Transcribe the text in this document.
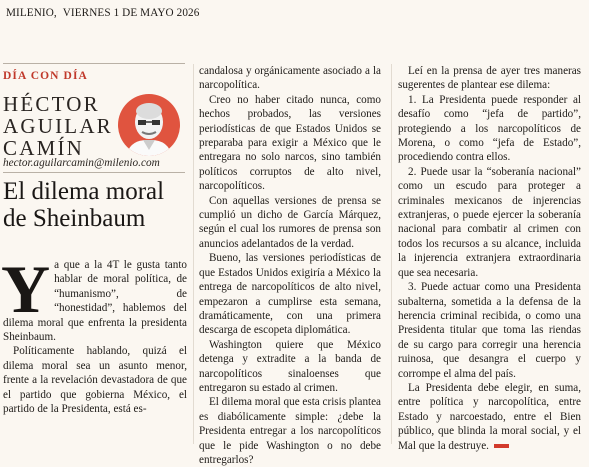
MILENIO, VIERNES 1 DE MAYO 2026
DÍA CON DÍA
HÉCTOR
AGUILAR
CAMÍN
hector.aguilarcamin@milenio.com
El dilema moral de Sheinbaum

Ya que a la 4T le gusta tanto hablar de moral política, de “humanismo”, de “honestidad”, hablemos del dilema moral que enfrenta la presidenta Sheinbaum.

Políticamente hablando, quizá el dilema moral sea un asunto menor, frente a la revelación devastadora de que el partido que gobierna México, el partido de la Presidenta, está es-

candalosa y orgánicamente asociado a la narcopolítica.

Creo no haber citado nunca, como hechos probados, las versiones periodísticas de que Estados Unidos se preparaba para exigir a México que le entregara no solo narcos, sino también políticos corruptos de alto nivel, narcopolíticos.

Con aquellas versiones de prensa se cumplió un dicho de García Márquez, según el cual los rumores de prensa son anuncios adelantados de la verdad.

Bueno, las versiones periodísticas de que Estados Unidos exigiría a México la entrega de narcopolíticos de alto nivel, empezaron a cumplirse esta semana, dramáticamente, con una primera descarga de escopeta diplomática.

Washington quiere que México detenga y extradite a la banda de narcopolíticos sinaloenses que entregaron su estado al crimen.

El dilema moral que esta crisis plantea es diabólicamente simple: ¿debe la Presidenta entregar a los narcopolíticos que le pide Washington o no debe entregarlos?

Leí en la prensa de ayer tres maneras sugerentes de plantear ese dilema:

1. La Presidenta puede responder al desafío como “jefa de partido”, protegiendo a los narcopolíticos de Morena, o como “jefa de Estado”, procediendo contra ellos.

2. Puede usar la “soberanía nacional” como un escudo para proteger a criminales mexicanos de injerencias extranjeras, o puede ejercer la soberanía nacional para combatir al crimen con todos los recursos a su alcance, incluida la injerencia extranjera extraordinaria que sea necesaria.

3. Puede actuar como una Presidenta subalterna, sometida a la defensa de la herencia criminal recibida, o como una Presidenta titular que toma las riendas de su cargo para corregir una herencia ruinosa, que desangra el cuerpo y corrompe el alma del país.

La Presidenta debe elegir, en suma, entre política y narcopolítica, entre Estado y narcoestado, entre el Bien público, que blinda la moral social, y el Mal que la destruye.
